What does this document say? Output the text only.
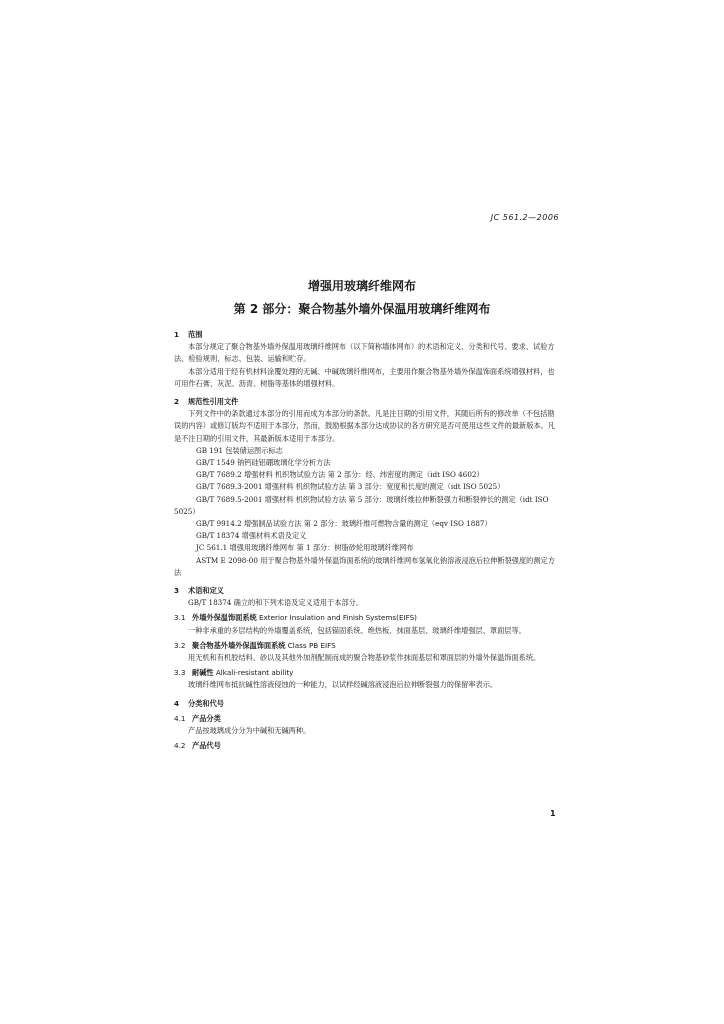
JC 561.2—2006
增强用玻璃纤维网布
第 2 部分：聚合物基外墙外保温用玻璃纤维网布

1 范围

本部分规定了聚合物基外墙外保温用玻璃纤维网布（以下简称墙体网布）的术语和定义、分类和代号、要求、试验方法、检验规则、标志、包装、运输和贮存。

本部分适用于经有机材料涂覆处理的无碱、中碱玻璃纤维网布，主要用作聚合物基外墙外保温饰面系统增强材料，也可用作石膏、灰泥、沥青、树脂等基体的增强材料。

2 规范性引用文件

下列文件中的条款通过本部分的引用而成为本部分的条款。凡是注日期的引用文件，其随后所有的修改单（不包括勘误的内容）或修订版均不适用于本部分，然而，鼓励根据本部分达成协议的各方研究是否可使用这些文件的最新版本。凡是不注日期的引用文件，其最新版本适用于本部分。

GB 191 包装储运图示标志

GB/T 1549 钠钙硅铝硼玻璃化学分析方法

GB/T 7689.2 增强材料 机织物试验方法 第 2 部分：经、纬密度的测定（idt ISO 4602）

GB/T 7689.3-2001 增强材料 机织物试验方法 第 3 部分：宽度和长度的测定（idt ISO 5025）

GB/T 7689.5-2001 增强材料 机织物试验方法 第 5 部分：玻璃纤维拉伸断裂强力和断裂伸长的测定（idt ISO 5025）

GB/T 9914.2 增强制品试验方法 第 2 部分：玻璃纤维可燃物含量的测定（eqv ISO 1887）

GB/T 18374 增强材料术语及定义

JC 561.1 增强用玻璃纤维网布 第 1 部分：树脂砂轮用玻璃纤维网布

ASTM E 2098-00 用于聚合物基外墙外保温饰面系统的玻璃纤维网布氢氧化钠溶液浸泡后拉伸断裂强度的测定方法

3 术语和定义

GB/T 18374 确立的和下列术语及定义适用于本部分。

3.1 外墙外保温饰面系统 Exterior Insulation and Finish Systems(EIFS)

一种非承重的多层结构的外墙覆盖系统，包括锚固系统、绝热板、抹面基层、玻璃纤维增强层、罩面层等。

3.2 聚合物基外墙外保温饰面系统 Class PB EIFS

用无机和有机胶结料、砂以及其他外加剂配制而成的聚合物基砂浆作抹面基层和罩面层的外墙外保温饰面系统。

3.3 耐碱性 Alkali-resistant ability

玻璃纤维网布抵抗碱性溶液侵蚀的一种能力，以试样经碱溶液浸泡后拉伸断裂强力的保留率表示。

4 分类和代号

4.1 产品分类

产品按玻璃成分分为中碱和无碱两种。

4.2 产品代号

1
